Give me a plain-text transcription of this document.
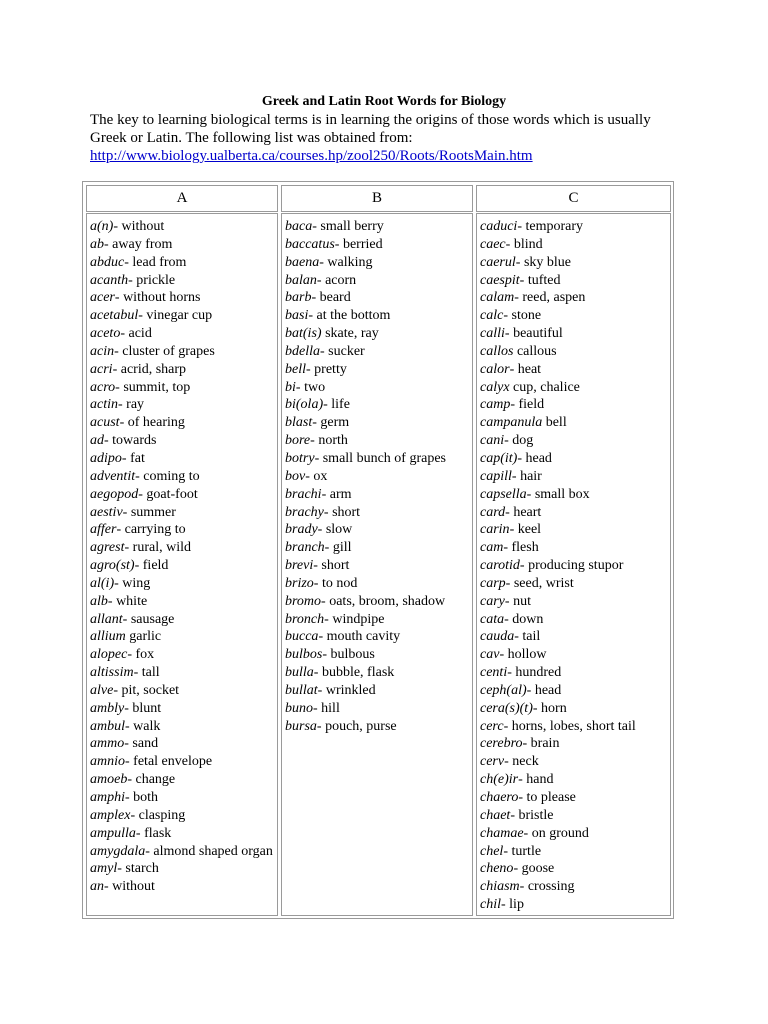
Greek and Latin Root Words for Biology
The key to learning biological terms is in learning the origins of those words which is usually
Greek or Latin. The following list was obtained from:
http://www.biology.ualberta.ca/courses.hp/zool250/Roots/RootsMain.htm
A	B	C
a(n)- without
ab- away from
abduc- lead from
acanth- prickle
acer- without horns
acetabul- vinegar cup
aceto- acid
acin- cluster of grapes
acri- acrid, sharp
acro- summit, top
actin- ray
acust- of hearing
ad- towards
adipo- fat
adventit- coming to
aegopod- goat-foot
aestiv- summer
affer- carrying to
agrest- rural, wild
agro(st)- field
al(i)- wing
alb- white
allant- sausage
allium garlic
alopec- fox
altissim- tall
alve- pit, socket
ambly- blunt
ambul- walk
ammo- sand
amnio- fetal envelope
amoeb- change
amphi- both
amplex- clasping
ampulla- flask
amygdala- almond shaped organ
amyl- starch
an- without
baca- small berry
baccatus- berried
baena- walking
balan- acorn
barb- beard
basi- at the bottom
bat(is) skate, ray
bdella- sucker
bell- pretty
bi- two
bi(ola)- life
blast- germ
bore- north
botry- small bunch of grapes
bov- ox
brachi- arm
brachy- short
brady- slow
branch- gill
brevi- short
brizo- to nod
bromo- oats, broom, shadow
bronch- windpipe
bucca- mouth cavity
bulbos- bulbous
bulla- bubble, flask
bullat- wrinkled
buno- hill
bursa- pouch, purse
caduci- temporary
caec- blind
caerul- sky blue
caespit- tufted
calam- reed, aspen
calc- stone
calli- beautiful
callos callous
calor- heat
calyx cup, chalice
camp- field
campanula bell
cani- dog
cap(it)- head
capill- hair
capsella- small box
card- heart
carin- keel
cam- flesh
carotid- producing stupor
carp- seed, wrist
cary- nut
cata- down
cauda- tail
cav- hollow
centi- hundred
ceph(al)- head
cera(s)(t)- horn
cerc- horns, lobes, short tail
cerebro- brain
cerv- neck
ch(e)ir- hand
chaero- to please
chaet- bristle
chamae- on ground
chel- turtle
cheno- goose
chiasm- crossing
chil- lip
